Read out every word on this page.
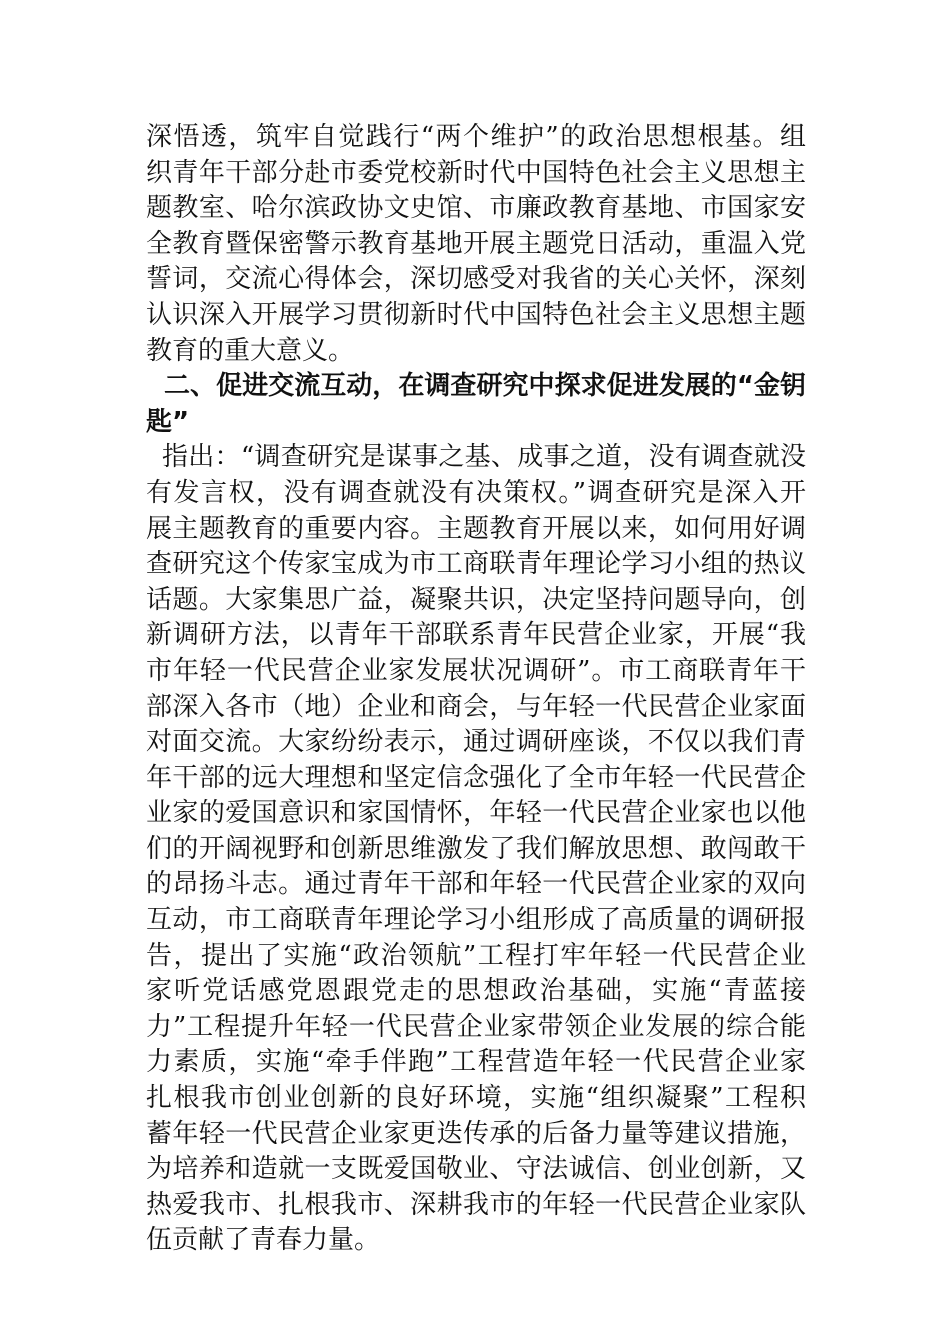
深悟透，筑牢自觉践行“两个维护”的政治思想根基。组
织青年干部分赴市委党校新时代中国特色社会主义思想主
题教室、哈尔滨政协文史馆、市廉政教育基地、市国家安
全教育暨保密警示教育基地开展主题党日活动，重温入党
誓词，交流心得体会，深切感受对我省的关心关怀，深刻
认识深入开展学习贯彻新时代中国特色社会主义思想主题
教育的重大意义。
二、促进交流互动，在调查研究中探求促进发展的“金钥
匙”
指出：“调查研究是谋事之基、成事之道，没有调查就没
有发言权，没有调查就没有决策权。”调查研究是深入开
展主题教育的重要内容。主题教育开展以来，如何用好调
查研究这个传家宝成为市工商联青年理论学习小组的热议
话题。大家集思广益，凝聚共识，决定坚持问题导向，创
新调研方法，以青年干部联系青年民营企业家，开展“我
市年轻一代民营企业家发展状况调研”。市工商联青年干
部深入各市（地）企业和商会，与年轻一代民营企业家面
对面交流。大家纷纷表示，通过调研座谈，不仅以我们青
年干部的远大理想和坚定信念强化了全市年轻一代民营企
业家的爱国意识和家国情怀，年轻一代民营企业家也以他
们的开阔视野和创新思维激发了我们解放思想、敢闯敢干
的昂扬斗志。通过青年干部和年轻一代民营企业家的双向
互动，市工商联青年理论学习小组形成了高质量的调研报
告，提出了实施“政治领航”工程打牢年轻一代民营企业
家听党话感党恩跟党走的思想政治基础，实施“青蓝接
力”工程提升年轻一代民营企业家带领企业发展的综合能
力素质，实施“牵手伴跑”工程营造年轻一代民营企业家
扎根我市创业创新的良好环境，实施“组织凝聚”工程积
蓄年轻一代民营企业家更迭传承的后备力量等建议措施，
为培养和造就一支既爱国敬业、守法诚信、创业创新，又
热爱我市、扎根我市、深耕我市的年轻一代民营企业家队
伍贡献了青春力量。
